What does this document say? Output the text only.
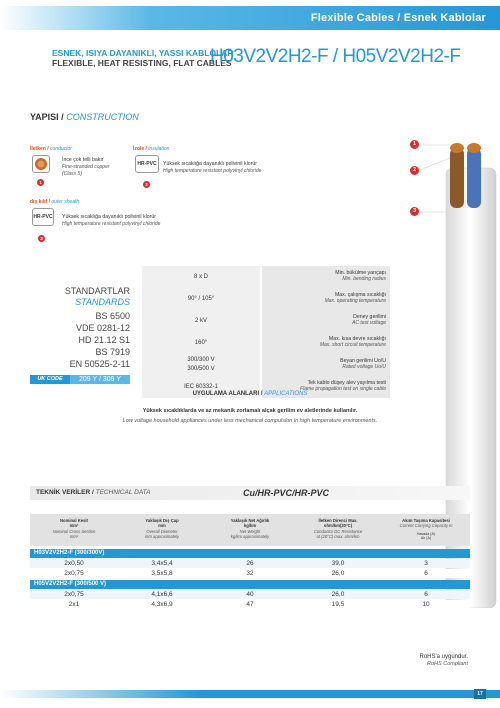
Flexible Cables / Esnek Kablolar
ESNEK, ISIYA DAYANIKLI, YASSI KABLOLAR
FLEXIBLE, HEAT RESISTING, FLAT CABLES
H03V2V2H2-F / H05V2V2H2-F
YAPISI / CONSTRUCTION
İletken / conductor
1
İnce çok telli bakır
Fine-stranded copper
(Class 5)
İzole / insulation
HR-PVC
2
Yüksek sıcaklığa dayanıklı polivinil klorür
High temperature resistant polyvinyl chloride
dış kılıf / outer sheath
HR-PVC
3
Yüksek sıcaklığa dayanıklı polivinil klorür
High temperature resistant polyvinyl chloride
1
2
3
STANDARTLAR
STANDARDS
BS 6500
VDE 0281-12
HD 21.12 S1
BS 7919
EN 50525-2-11
UK CODE	209 Y / 309 Y
8 x D
Min. bükülme yarıçapı
Min. bending radius
90° / 105°
Max. çalışma sıcaklığı
Max. operating temperature
2 kV
Deney gerilimi
AC test voltage
160°
Max. kısa devre sıcaklığı
Max. short circuit temperature
300/300 V
300/500 V
Beyan gerilimi Uo/U
Rated voltage Uo/U
IEC 60332-1
Tek kablo düşey alev yayılma testi
Flame propagation test on single cable
UYGULAMA ALANLARI / APPLICATIONS
Yüksek sıcaklıklarda ve az mekanik zorlamalı alçak gerilim ev aletlerinde kullanılır.
Low voltage household appliances under less mechanical compulsion in high temperature environments.
TEKNİK VERİLER / TECHNICAL DATA	Cu/HR-PVC/HR-PVC
Nominal Kesit
mm²
Nominal Cross Section
mm²
Yaklaşık Dış Çap
mm
Overall Diameter
mm approximately
Yaklaşık Net Ağırlık
kg/km
Net Weight
kg/km approximately
İletken Direnci Max.
ohm/km(20°C)
Conductor DC Resistance
at (20°C) max. ohm/km
Akım Taşıma Kapasitesi
Current Carrying Capacity in
Havada (A)
Air (A)
H03V2V2H2-F (300/300V)
2x0,50	3,4x5,4	26	39,0	3
2x0,75	3,5x5,8	32	26,0	6
H05V2V2H2-F (300/500 V)
2x0,75	4,1x6,6	40	26,0	6
2x1	4,3x6,9	47	19,5	10
RoHS'a uygundur.
RoHS Compliant
17
